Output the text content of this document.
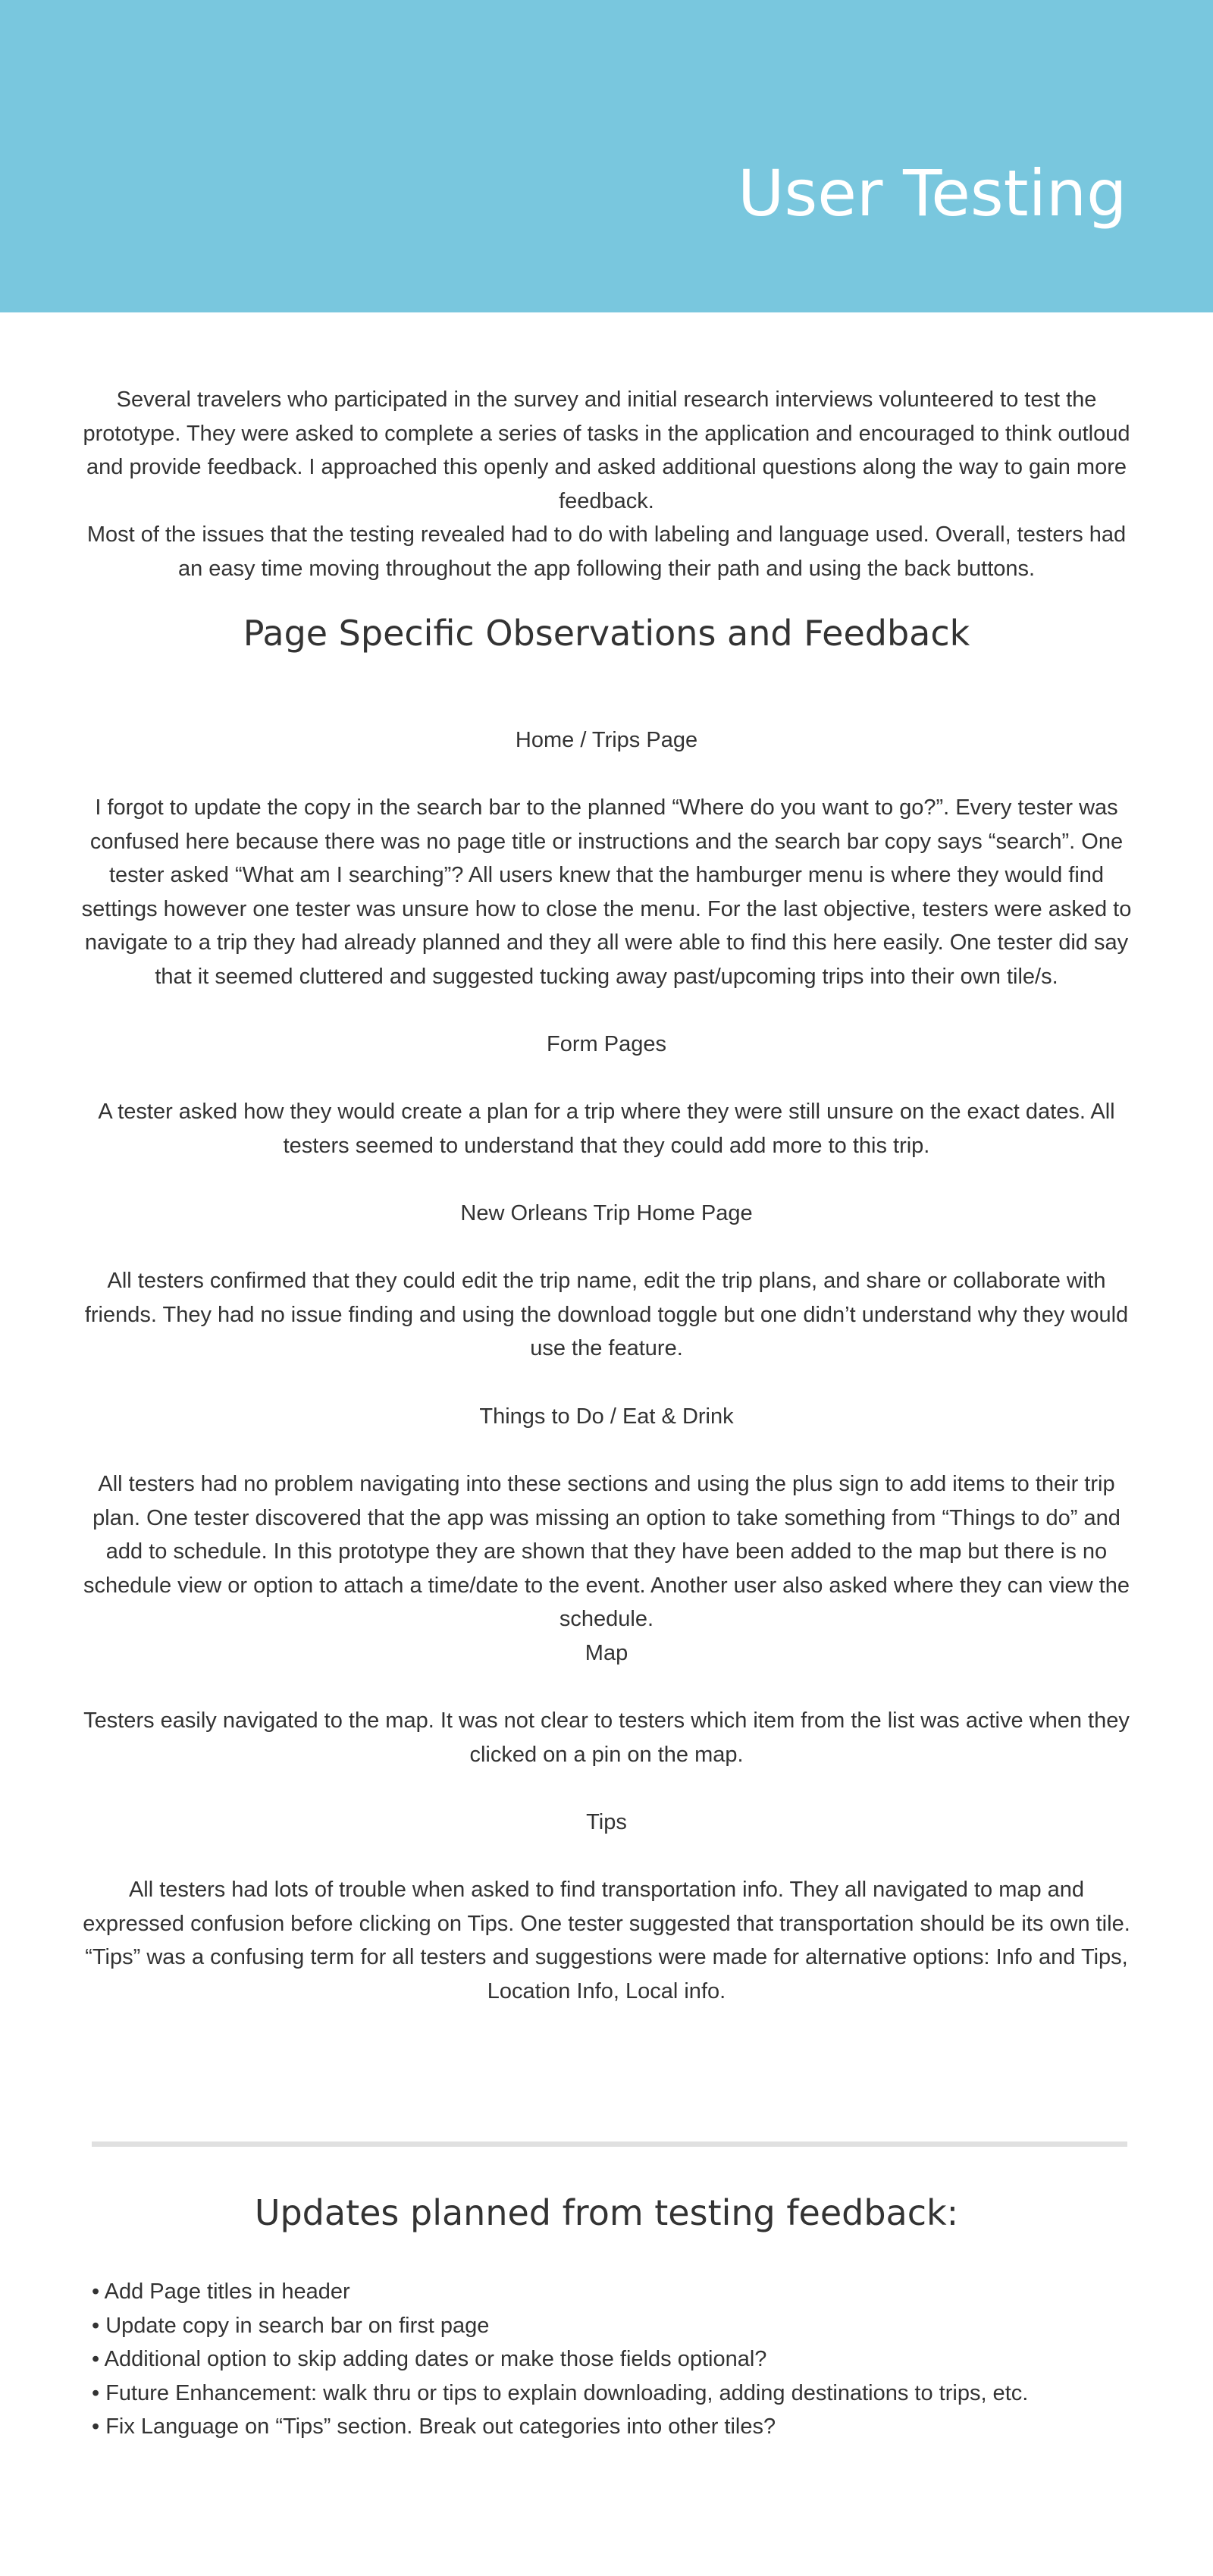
User Testing

Several travelers who participated in the survey and initial research interviews volunteered to test the prototype. They were asked to complete a series of tasks in the application and encouraged to think outloud and provide feedback. I approached this openly and asked additional questions along the way to gain more feedback.

Most of the issues that the testing revealed had to do with labeling and language used. Overall, testers had an easy time moving throughout the app following their path and using the back buttons.

Page Specific Observations and Feedback

Home / Trips Page

I forgot to update the copy in the search bar to the planned “Where do you want to go?”. Every tester was confused here because there was no page title or instructions and the search bar copy says “search”. One tester asked “What am I searching”? All users knew that the hamburger menu is where they would find settings however one tester was unsure how to close the menu. For the last objective, testers were asked to navigate to a trip they had already planned and they all were able to find this here easily. One tester did say that it seemed cluttered and suggested tucking away past/upcoming trips into their own tile/s.

Form Pages

A tester asked how they would create a plan for a trip where they were still unsure on the exact dates. All testers seemed to understand that they could add more to this trip.

New Orleans Trip Home Page

All testers confirmed that they could edit the trip name, edit the trip plans, and share or collaborate with friends. They had no issue finding and using the download toggle but one didn’t understand why they would use the feature.

Things to Do / Eat & Drink

All testers had no problem navigating into these sections and using the plus sign to add items to their trip plan. One tester discovered that the app was missing an option to take something from “Things to do” and add to schedule. In this prototype they are shown that they have been added to the map but there is no schedule view or option to attach a time/date to the event. Another user also asked where they can view the schedule.

Map

Testers easily navigated to the map. It was not clear to testers which item from the list was active when they clicked on a pin on the map.

Tips

All testers had lots of trouble when asked to find transportation info. They all navigated to map and expressed confusion before clicking on Tips. One tester suggested that transportation should be its own tile. “Tips” was a confusing term for all testers and suggestions were made for alternative options: Info and Tips, Location Info, Local info.

Updates planned from testing feedback:
• Add Page titles in header
• Update copy in search bar on first page
• Additional option to skip adding dates or make those fields optional?
• Future Enhancement: walk thru or tips to explain downloading, adding destinations to trips, etc.
• Fix Language on “Tips” section. Break out categories into other tiles?
